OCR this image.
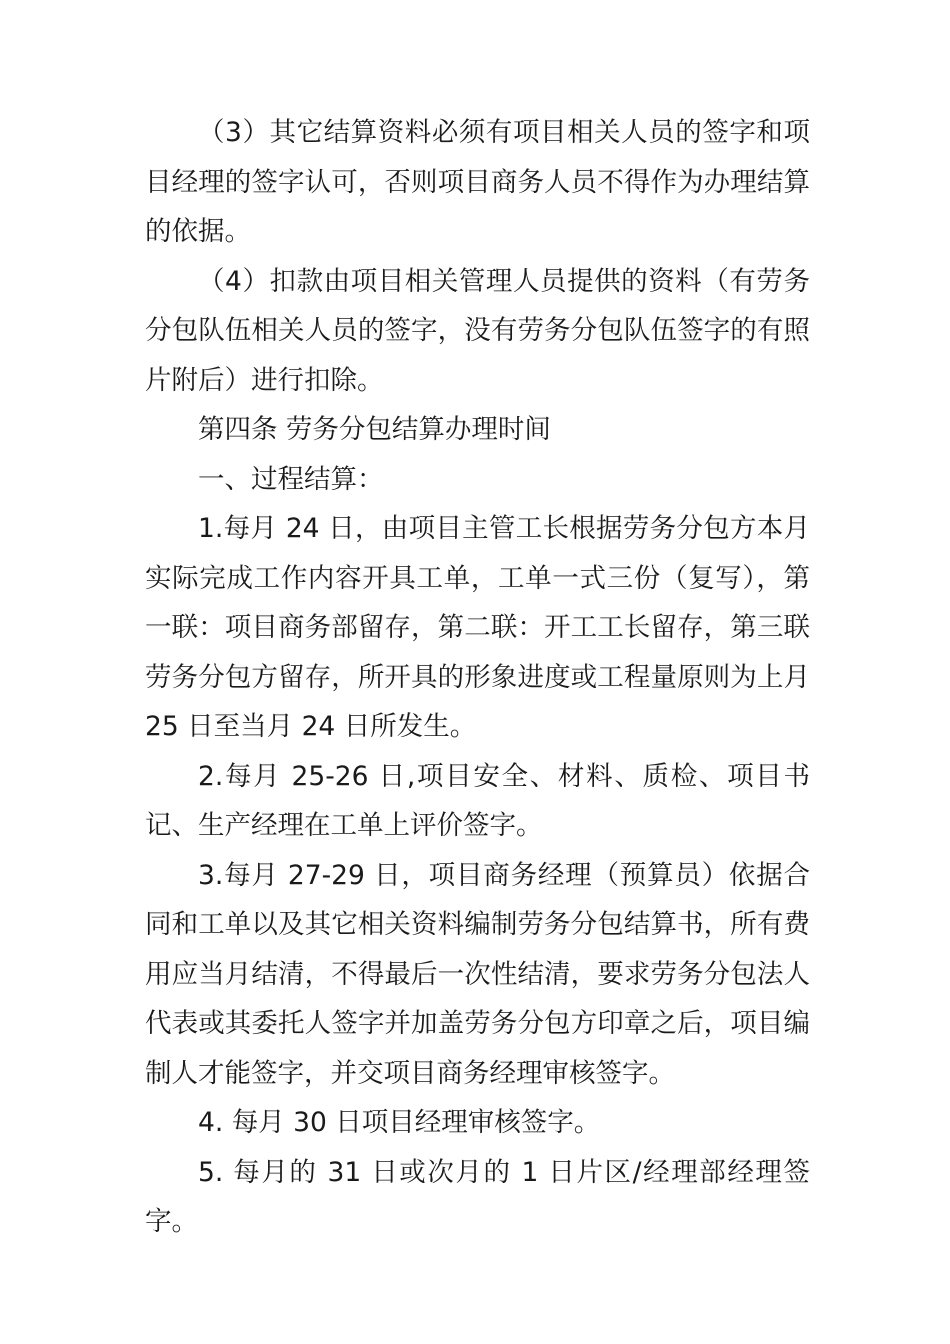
（3）其它结算资料必须有项目相关人员的签字和项目经理的签字认可，否则项目商务人员不得作为办理结算的依据。

（4）扣款由项目相关管理人员提供的资料（有劳务分包队伍相关人员的签字，没有劳务分包队伍签字的有照片附后）进行扣除。

第四条 劳务分包结算办理时间

一、过程结算：

1.每月 24 日，由项目主管工长根据劳务分包方本月实际完成工作内容开具工单，工单一式三份（复写），第一联：项目商务部留存，第二联：开工工长留存，第三联劳务分包方留存，所开具的形象进度或工程量原则为上月 25 日至当月 24 日所发生。

2.每月 25-26 日,项目安全、材料、质检、项目书记、生产经理在工单上评价签字。

3.每月 27-29 日，项目商务经理（预算员）依据合同和工单以及其它相关资料编制劳务分包结算书，所有费用应当月结清，不得最后一次性结清，要求劳务分包法人代表或其委托人签字并加盖劳务分包方印章之后，项目编制人才能签字，并交项目商务经理审核签字。

4. 每月 30 日项目经理审核签字。

5. 每月的 31 日或次月的 1 日片区/经理部经理签字。
